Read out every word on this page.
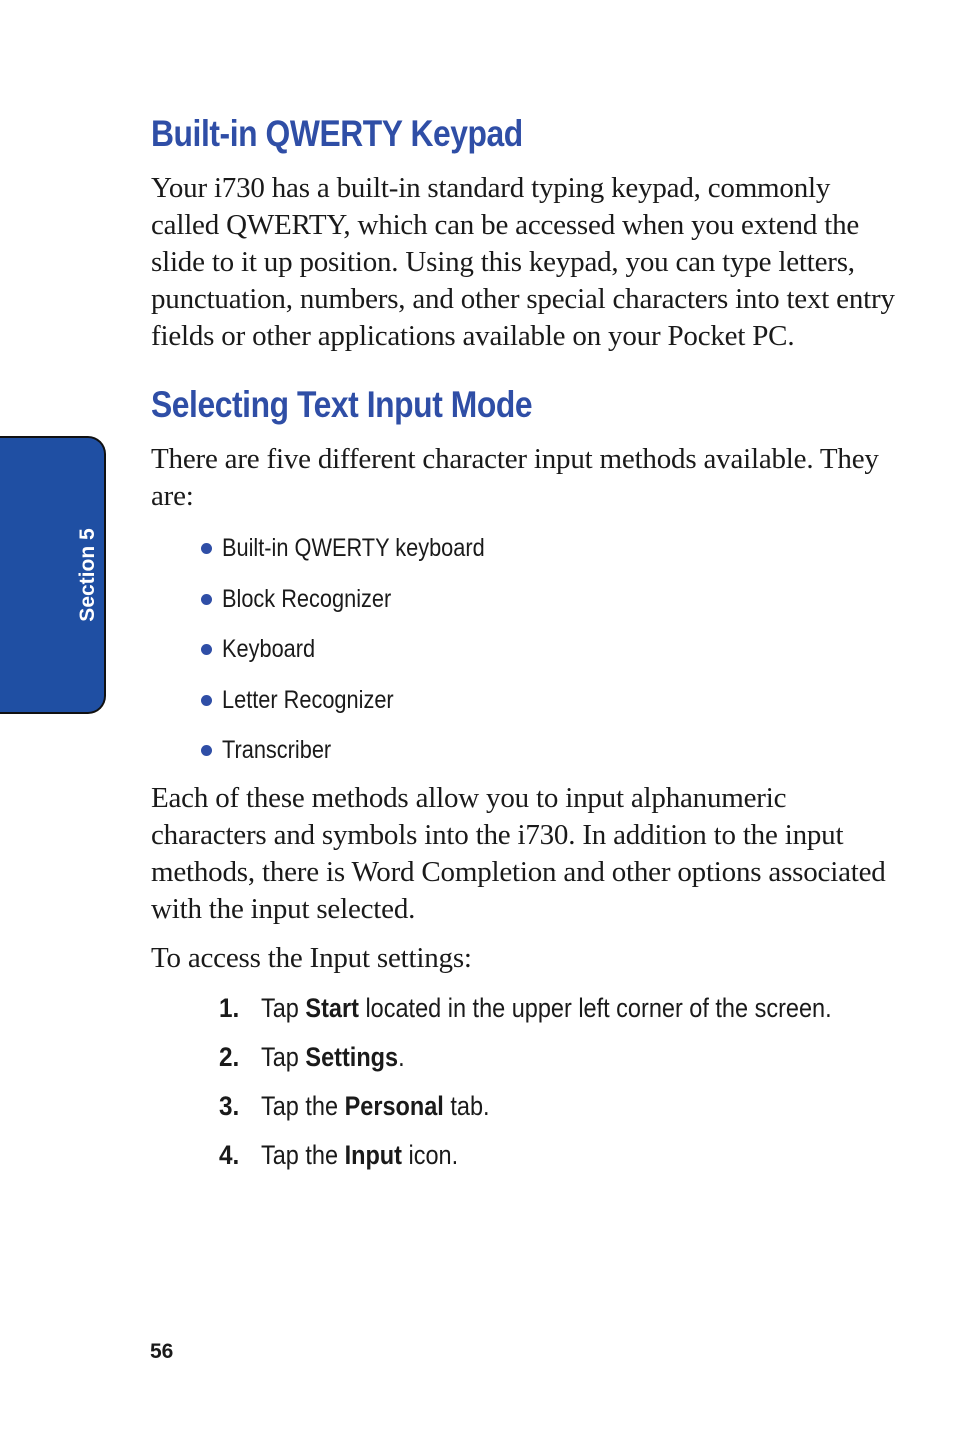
Section 5
Built-in QWERTY Keypad

Your i730 has a built-in standard typing keypad, commonly called QWERTY, which can be accessed when you extend the slide to it up position. Using this keypad, you can type letters, punctuation, numbers, and other special characters into text entry fields or other applications available on your Pocket PC.

Selecting Text Input Mode

There are five different character input methods available. They are:

Built-in QWERTY keyboard
Block Recognizer
Keyboard
Letter Recognizer
Transcriber

Each of these methods allow you to input alphanumeric characters and symbols into the i730. In addition to the input methods, there is Word Completion and other options associated with the input selected.

To access the Input settings:

1. Tap Start located in the upper left corner of the screen.
2. Tap Settings.
3. Tap the Personal tab.
4. Tap the Input icon.
56
